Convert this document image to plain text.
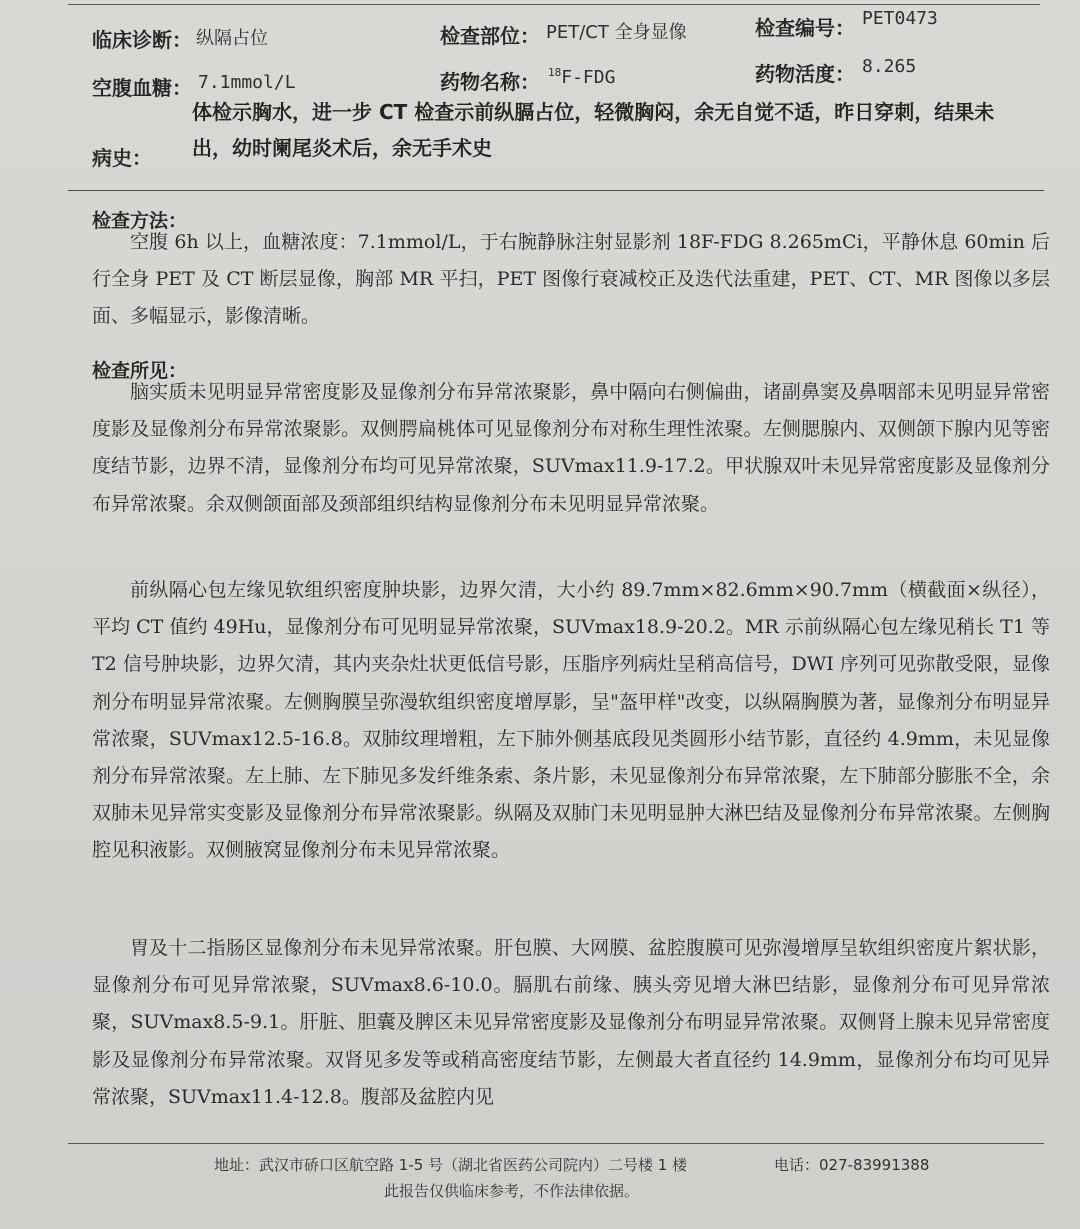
临床诊断： 纵隔占位	检查部位： PET/CT 全身显像	检查编号： PET0473
空腹血糖： 7.1mmol/L	药物名称： $^{18}$F-FDG	药物活度： 8.265
病史：
体检示胸水，进一步 CT 检查示前纵膈占位，轻微胸闷，余无自觉不适，昨日穿刺，结果未出，幼时阑尾炎术后，余无手术史
检查方法：
空腹 6h 以上，血糖浓度：7.1mmol/L，于右腕静脉注射显影剂 18F-FDG 8.265mCi，平静休息 60min 后行全身 PET 及 CT 断层显像，胸部 MR 平扫，PET 图像行衰减校正及迭代法重建，PET、CT、MR 图像以多层面、多幅显示，影像清晰。
检查所见：
脑实质未见明显异常密度影及显像剂分布异常浓聚影，鼻中隔向右侧偏曲，诸副鼻窦及鼻咽部未见明显异常密度影及显像剂分布异常浓聚影。双侧腭扁桃体可见显像剂分布对称生理性浓聚。左侧腮腺内、双侧颌下腺内见等密度结节影，边界不清，显像剂分布均可见异常浓聚，SUVmax11.9-17.2。甲状腺双叶未见异常密度影及显像剂分布异常浓聚。余双侧颌面部及颈部组织结构显像剂分布未见明显异常浓聚。
前纵隔心包左缘见软组织密度肿块影，边界欠清，大小约 89.7mm×82.6mm×90.7mm（横截面×纵径），平均 CT 值约 49Hu，显像剂分布可见明显异常浓聚，SUVmax18.9-20.2。MR 示前纵隔心包左缘见稍长 T1 等 T2 信号肿块影，边界欠清，其内夹杂灶状更低信号影，压脂序列病灶呈稍高信号，DWI 序列可见弥散受限，显像剂分布明显异常浓聚。左侧胸膜呈弥漫软组织密度增厚影，呈"盔甲样"改变，以纵隔胸膜为著，显像剂分布明显异常浓聚，SUVmax12.5-16.8。双肺纹理增粗，左下肺外侧基底段见类圆形小结节影，直径约 4.9mm，未见显像剂分布异常浓聚。左上肺、左下肺见多发纤维条索、条片影，未见显像剂分布异常浓聚，左下肺部分膨胀不全，余双肺未见异常实变影及显像剂分布异常浓聚影。纵隔及双肺门未见明显肿大淋巴结及显像剂分布异常浓聚。左侧胸腔见积液影。双侧腋窝显像剂分布未见异常浓聚。
胃及十二指肠区显像剂分布未见异常浓聚。肝包膜、大网膜、盆腔腹膜可见弥漫增厚呈软组织密度片絮状影，显像剂分布可见异常浓聚，SUVmax8.6-10.0。膈肌右前缘、胰头旁见增大淋巴结影，显像剂分布可见异常浓聚，SUVmax8.5-9.1。肝脏、胆囊及脾区未见异常密度影及显像剂分布明显异常浓聚。双侧肾上腺未见异常密度影及显像剂分布异常浓聚。双肾见多发等或稍高密度结节影，左侧最大者直径约 14.9mm，显像剂分布均可见异常浓聚，SUVmax11.4-12.8。腹部及盆腔内见
地址：武汉市硚口区航空路 1-5 号（湖北省医药公司院内）二号楼 1 楼	电话：027-83991388
此报告仅供临床参考，不作法律依据。
